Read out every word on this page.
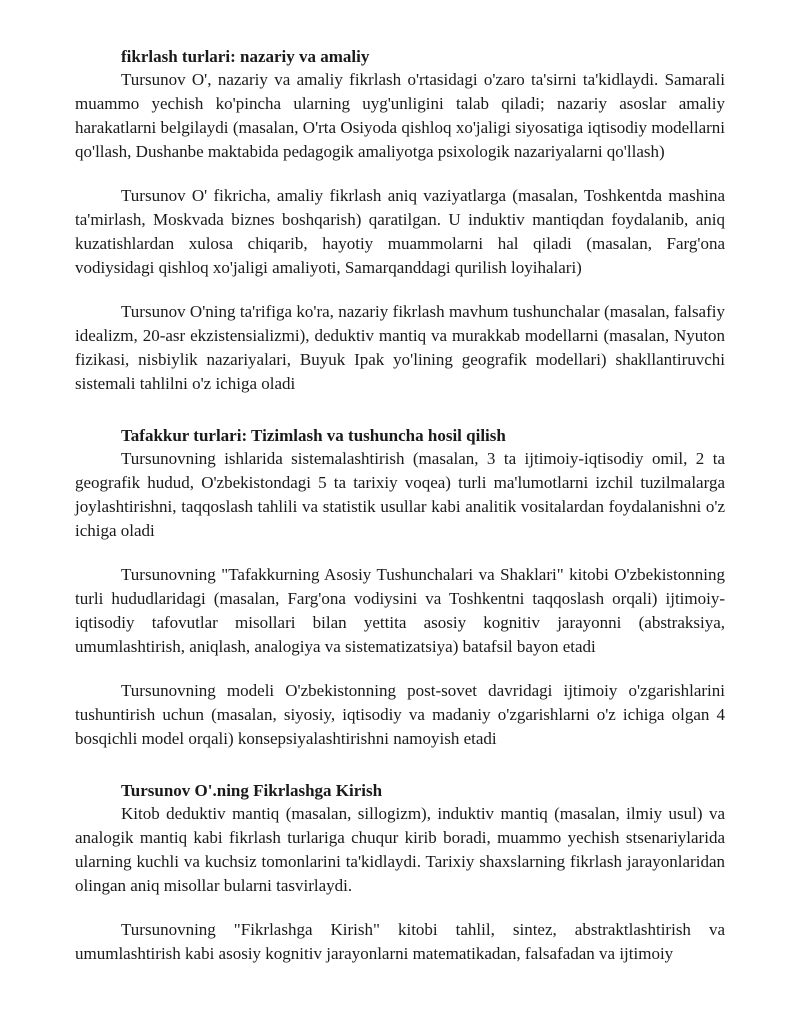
fikrlash turlari: nazariy va amaliy

Tursunov O', nazariy va amaliy fikrlash o'rtasidagi o'zaro ta'sirni ta'kidlaydi. Samarali muammo yechish ko'pincha ularning uyg'unligini talab qiladi; nazariy asoslar amaliy harakatlarni belgilaydi (masalan, O'rta Osiyoda qishloq xo'jaligi siyosatiga iqtisodiy modellarni qo'llash, Dushanbe maktabida pedagogik amaliyotga psixologik nazariyalarni qo'llash)

Tursunov O' fikricha, amaliy fikrlash aniq vaziyatlarga (masalan, Toshkentda mashina ta'mirlash, Moskvada biznes boshqarish) qaratilgan. U induktiv mantiqdan foydalanib, aniq kuzatishlardan xulosa chiqarib, hayotiy muammolarni hal qiladi (masalan, Farg'ona vodiysidagi qishloq xo'jaligi amaliyoti, Samarqanddagi qurilish loyihalari)

Tursunov O'ning ta'rifiga ko'ra, nazariy fikrlash mavhum tushunchalar (masalan, falsafiy idealizm, 20-asr ekzistensializmi), deduktiv mantiq va murakkab modellarni (masalan, Nyuton fizikasi, nisbiylik nazariyalari, Buyuk Ipak yo'lining geografik modellari) shakllantiruvchi sistemali tahlilni o'z ichiga oladi

Tafakkur turlari: Tizimlash va tushuncha hosil qilish

Tursunovning ishlarida sistemalashtirish (masalan, 3 ta ijtimoiy-iqtisodiy omil, 2 ta geografik hudud, O'zbekistondagi 5 ta tarixiy voqea) turli ma'lumotlarni izchil tuzilmalarga joylashtirishni, taqqoslash tahlili va statistik usullar kabi analitik vositalardan foydalanishni o'z ichiga oladi

Tursunovning "Tafakkurning Asosiy Tushunchalari va Shaklari" kitobi O'zbekistonning turli hududlaridagi (masalan, Farg'ona vodiysini va Toshkentni taqqoslash orqali) ijtimoiy-iqtisodiy tafovutlar misollari bilan yettita asosiy kognitiv jarayonni (abstraksiya, umumlashtirish, aniqlash, analogiya va sistematizatsiya) batafsil bayon etadi

Tursunovning modeli O'zbekistonning post-sovet davridagi ijtimoiy o'zgarishlarini tushuntirish uchun (masalan, siyosiy, iqtisodiy va madaniy o'zgarishlarni o'z ichiga olgan 4 bosqichli model orqali) konsepsiyalashtirishni namoyish etadi

Tursunov O'.ning Fikrlashga Kirish

Kitob deduktiv mantiq (masalan, sillogizm), induktiv mantiq (masalan, ilmiy usul) va analogik mantiq kabi fikrlash turlariga chuqur kirib boradi, muammo yechish stsenariylarida ularning kuchli va kuchsiz tomonlarini ta'kidlaydi. Tarixiy shaxslarning fikrlash jarayonlaridan olingan aniq misollar bularni tasvirlaydi.

Tursunovning "Fikrlashga Kirish" kitobi tahlil, sintez, abstraktlashtirish va umumlashtirish kabi asosiy kognitiv jarayonlarni matematikadan, falsafadan va ijtimoiy
